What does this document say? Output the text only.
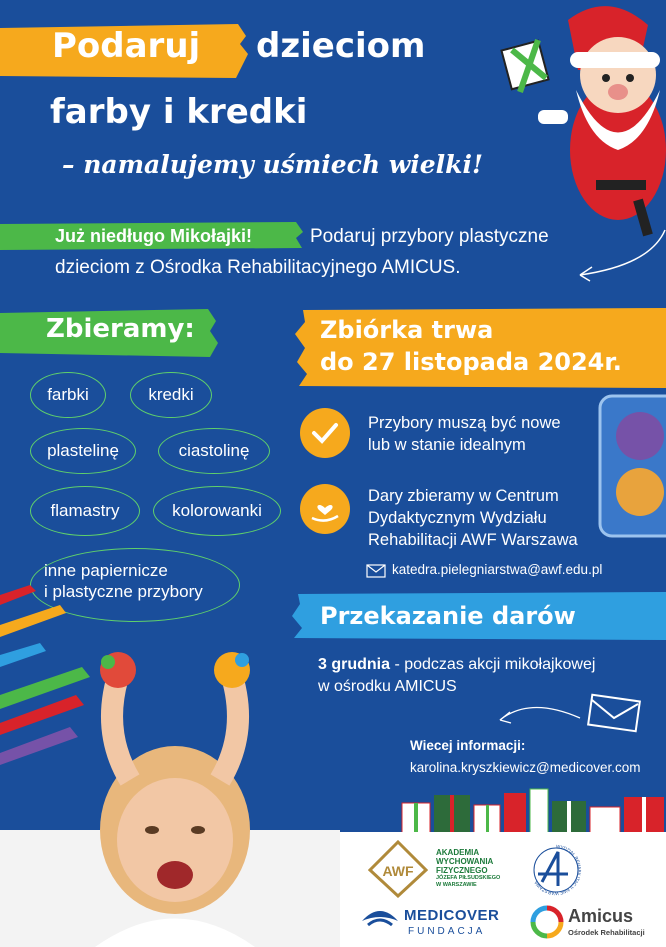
Podaruj dzieciom
farby i kredki
– namalujemy uśmiech wielki!
Już niedługo Mikołajki!	Podaruj przybory plastyczne
dzieciom z Ośrodka Rehabilitacyjnego AMICUS.
Zbieramy:
farbki	kredki
plastelinę	ciastolinę
flamastry	kolorowanki
inne papiernicze
i plastyczne przybory
Zbiórka trwa
do 27 listopada 2024r.
Przybory muszą być nowe
lub w stanie idealnym
Dary zbieramy w Centrum
Dydaktycznym Wydziału
Rehabilitacji AWF Warszawa
katedra.pielegniarstwa@awf.edu.pl
Przekazanie darów
3 grudnia - podczas akcji mikołajkowej
w ośrodku AMICUS
Wiecej informacji:
karolina.kryszkiewicz@medicover.com
AWF
AKADEMIA
WYCHOWANIA
FIZYCZNEGO
JÓZEFA PIŁSUDSKIEGO
W WARSZAWIE
WYDZIAŁ REHABILITACJI AWF WARSZAWA
MEDICOVER
FUNDACJA
Amicus
Ośrodek Rehabilitacji
